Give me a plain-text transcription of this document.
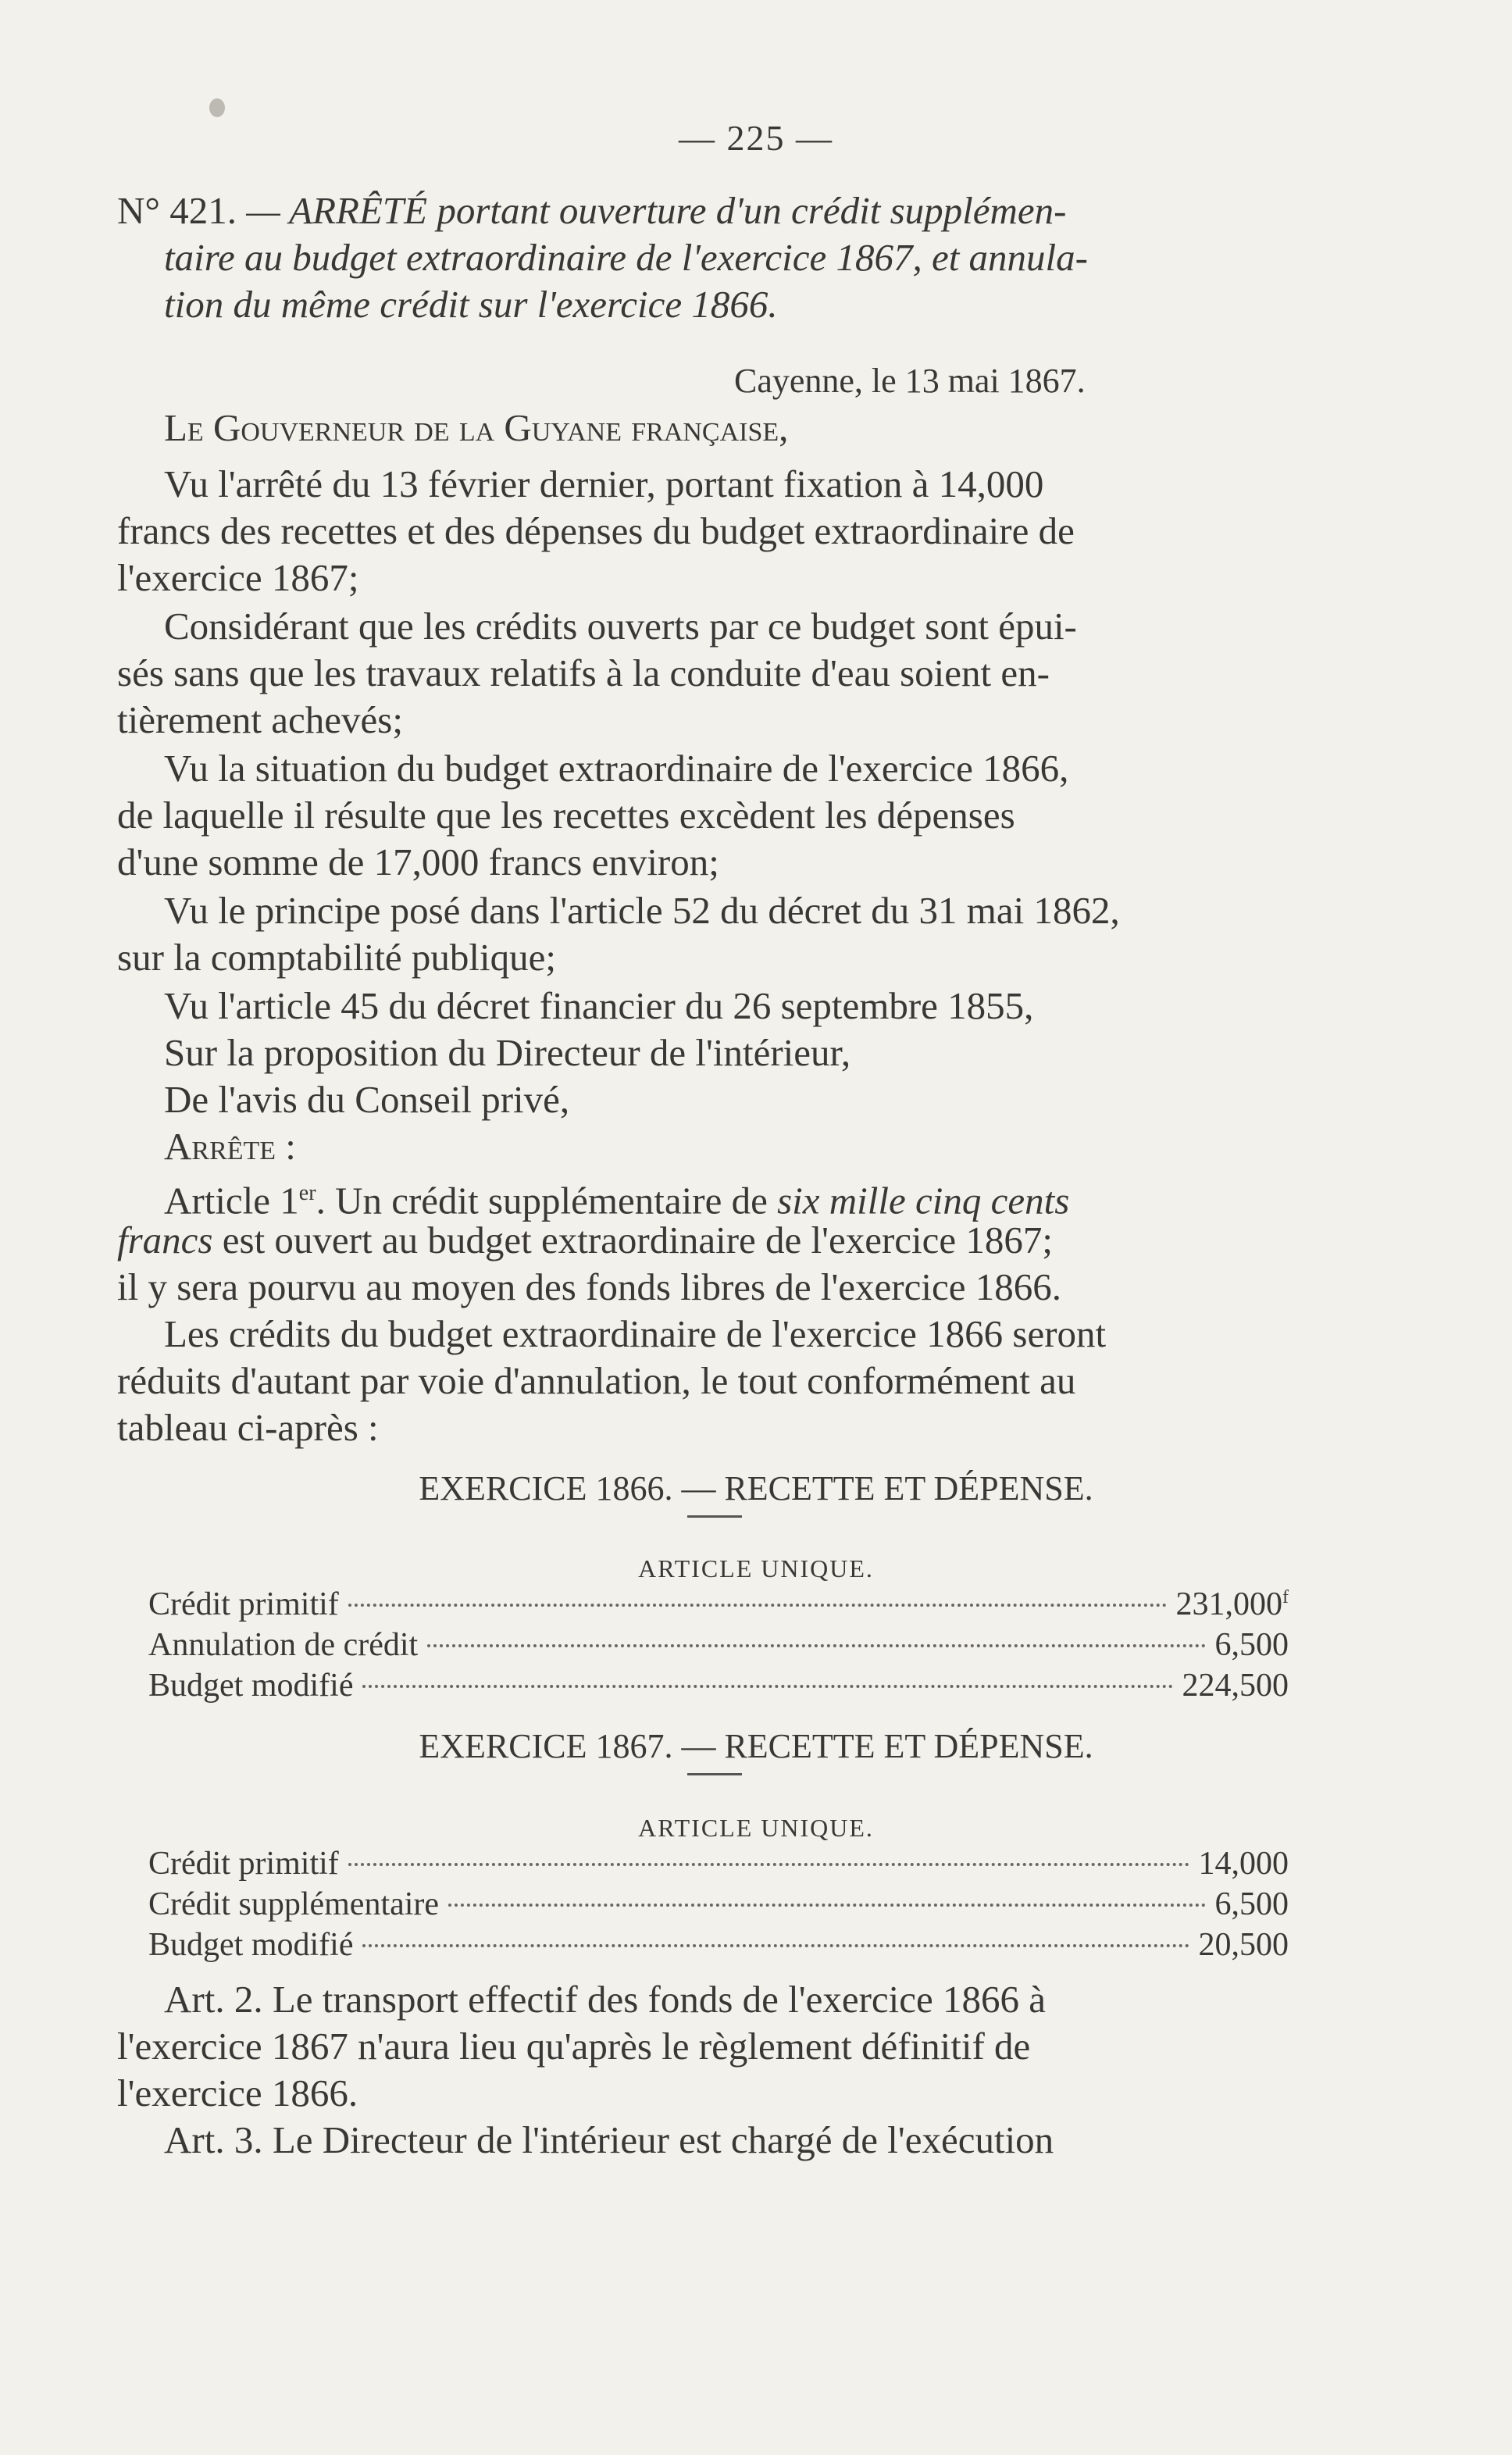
— 225 —
N° 421. — ARRÊTÉ portant ouverture d'un crédit supplémen-
taire au budget extraordinaire de l'exercice 1867, et annula-
tion du même crédit sur l'exercice 1866.
Cayenne, le 13 mai 1867.
Le Gouverneur de la Guyane française,
Vu l'arrêté du 13 février dernier, portant fixation à 14,000
francs des recettes et des dépenses du budget extraordinaire de
l'exercice 1867;
Considérant que les crédits ouverts par ce budget sont épui-
sés sans que les travaux relatifs à la conduite d'eau soient en-
tièrement achevés;
Vu la situation du budget extraordinaire de l'exercice 1866,
de laquelle il résulte que les recettes excèdent les dépenses
d'une somme de 17,000 francs environ;
Vu le principe posé dans l'article 52 du décret du 31 mai 1862,
sur la comptabilité publique;
Vu l'article 45 du décret financier du 26 septembre 1855,
Sur la proposition du Directeur de l'intérieur,
De l'avis du Conseil privé,
Arrête :
Article 1er. Un crédit supplémentaire de six mille cinq cents
francs est ouvert au budget extraordinaire de l'exercice 1867;
il y sera pourvu au moyen des fonds libres de l'exercice 1866.
Les crédits du budget extraordinaire de l'exercice 1866 seront
réduits d'autant par voie d'annulation, le tout conformément au
tableau ci-après :
EXERCICE 1866. — RECETTE ET DÉPENSE.
ARTICLE UNIQUE.
Crédit primitif	231,000$^f$
Annulation de crédit	6,500
Budget modifié	224,500
EXERCICE 1867. — RECETTE ET DÉPENSE.
ARTICLE UNIQUE.
Crédit primitif	14,000
Crédit supplémentaire	6,500
Budget modifié	20,500
Art. 2. Le transport effectif des fonds de l'exercice 1866 à
l'exercice 1867 n'aura lieu qu'après le règlement définitif de
l'exercice 1866.
Art. 3. Le Directeur de l'intérieur est chargé de l'exécution
